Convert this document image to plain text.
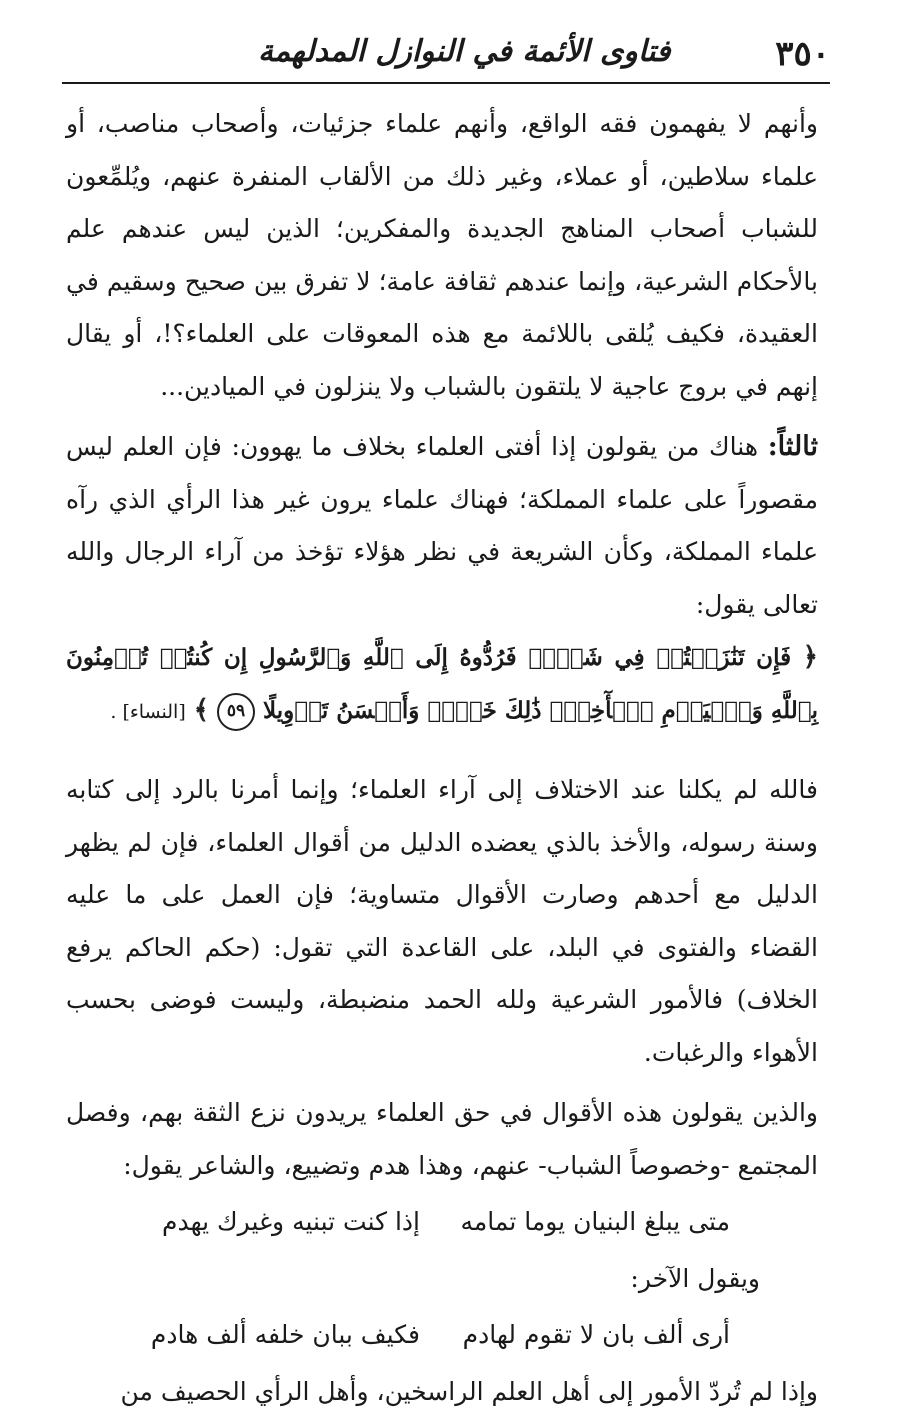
٣٥٠
فتاوى الأئمة في النوازل المدلهمة

وأنهم لا يفهمون فقه الواقع، وأنهم علماء جزئيات، وأصحاب مناصب، أو علماء سلاطين، أو عملاء، وغير ذلك من الألقاب المنفرة عنهم، ويُلمِّعون للشباب أصحاب المناهج الجديدة والمفكرين؛ الذين ليس عندهم علم بالأحكام الشرعية، وإنما عندهم ثقافة عامة؛ لا تفرق بين صحيح وسقيم في العقيدة، فكيف يُلقى باللائمة مع هذه المعوقات على العلماء؟!، أو يقال إنهم في بروج عاجية لا يلتقون بالشباب ولا ينزلون في الميادين...

ثالثاً: هناك من يقولون إذا أفتى العلماء بخلاف ما يهوون: فإن العلم ليس مقصوراً على علماء المملكة؛ فهناك علماء يرون غير هذا الرأي الذي رآه علماء المملكة، وكأن الشريعة في نظر هؤلاء تؤخذ من آراء الرجال والله تعالى يقول:

﴿ فَإِن تَنَٰزَعۡتُمۡ فِي شَيۡءٖ فَرُدُّوهُ إِلَى ٱللَّهِ وَٱلرَّسُولِ إِن كُنتُمۡ تُؤۡمِنُونَ بِٱللَّهِ وَٱلۡيَوۡمِ ٱلۡأٓخِرِۚ ذَٰلِكَ خَيۡرٞ وَأَحۡسَنُ تَأۡوِيلًا ٥٩ ﴾ [النساء] .

فالله لم يكلنا عند الاختلاف إلى آراء العلماء؛ وإنما أمرنا بالرد إلى كتابه وسنة رسوله، والأخذ بالذي يعضده الدليل من أقوال العلماء، فإن لم يظهر الدليل مع أحدهم وصارت الأقوال متساوية؛ فإن العمل على ما عليه القضاء والفتوى في البلد، على القاعدة التي تقول: (حكم الحاكم يرفع الخلاف) فالأمور الشرعية ولله الحمد منضبطة، وليست فوضى بحسب الأهواء والرغبات.

والذين يقولون هذه الأقوال في حق العلماء يريدون نزع الثقة بهم، وفصل المجتمع -وخصوصاً الشباب- عنهم، وهذا هدم وتضييع، والشاعر يقول:

متى يبلغ البنيان يوما تمامه
إذا كنت تبنيه وغيرك يهدم

ويقول الآخر:

أرى ألف بان لا تقوم لهادم
فكيف ببان خلفه ألف هادم

وإذا لم تُردّ الأمور إلى أهل العلم الراسخين، وأهل الرأي الحصيف من
